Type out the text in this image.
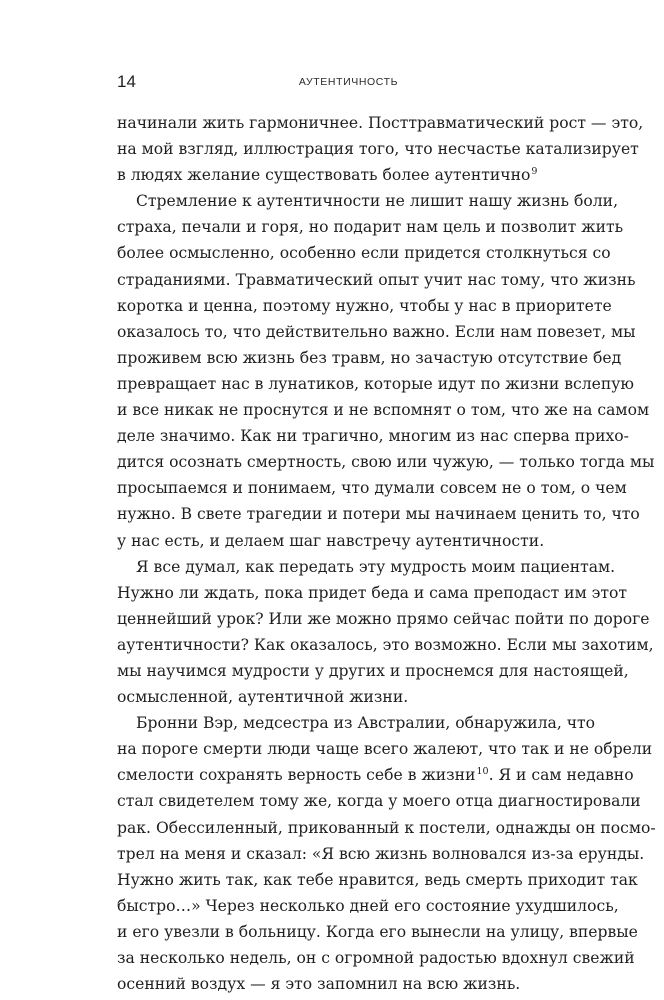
14	АУТЕНТИЧНОСТЬ
начинали жить гармоничнее. Посттравматический рост — это,
на мой взгляд, иллюстрация того, что несчастье катализирует
в людях желание существовать более аутентично$^9$
Стремление к аутентичности не лишит нашу жизнь боли,
страха, печали и горя, но подарит нам цель и позволит жить
более осмысленно, особенно если придется столкнуться со
страданиями. Травматический опыт учит нас тому, что жизнь
коротка и ценна, поэтому нужно, чтобы у нас в приоритете
оказалось то, что действительно важно. Если нам повезет, мы
проживем всю жизнь без травм, но зачастую отсутствие бед
превращает нас в лунатиков, которые идут по жизни вслепую
и все никак не проснутся и не вспомнят о том, что же на самом
деле значимо. Как ни трагично, многим из нас сперва прихо-
дится осознать смертность, свою или чужую, — только тогда мы
просыпаемся и понимаем, что думали совсем не о том, о чем
нужно. В свете трагедии и потери мы начинаем ценить то, что
у нас есть, и делаем шаг навстречу аутентичности.
Я все думал, как передать эту мудрость моим пациентам.
Нужно ли ждать, пока придет беда и сама преподаст им этот
ценнейший урок? Или же можно прямо сейчас пойти по дороге
аутентичности? Как оказалось, это возможно. Если мы захотим,
мы научимся мудрости у других и проснемся для настоящей,
осмысленной, аутентичной жизни.
Бронни Вэр, медсестра из Австралии, обнаружила, что
на пороге смерти люди чаще всего жалеют, что так и не обрели
смелости сохранять верность себе в жизни$^{10}$. Я и сам недавно
стал свидетелем тому же, когда у моего отца диагностировали
рак. Обессиленный, прикованный к постели, однажды он посмо-
трел на меня и сказал: «Я всю жизнь волновался из-за ерунды.
Нужно жить так, как тебе нравится, ведь смерть приходит так
быстро…» Через несколько дней его состояние ухудшилось,
и его увезли в больницу. Когда его вынесли на улицу, впервые
за несколько недель, он с огромной радостью вдохнул свежий
осенний воздух — я это запомнил на всю жизнь.
